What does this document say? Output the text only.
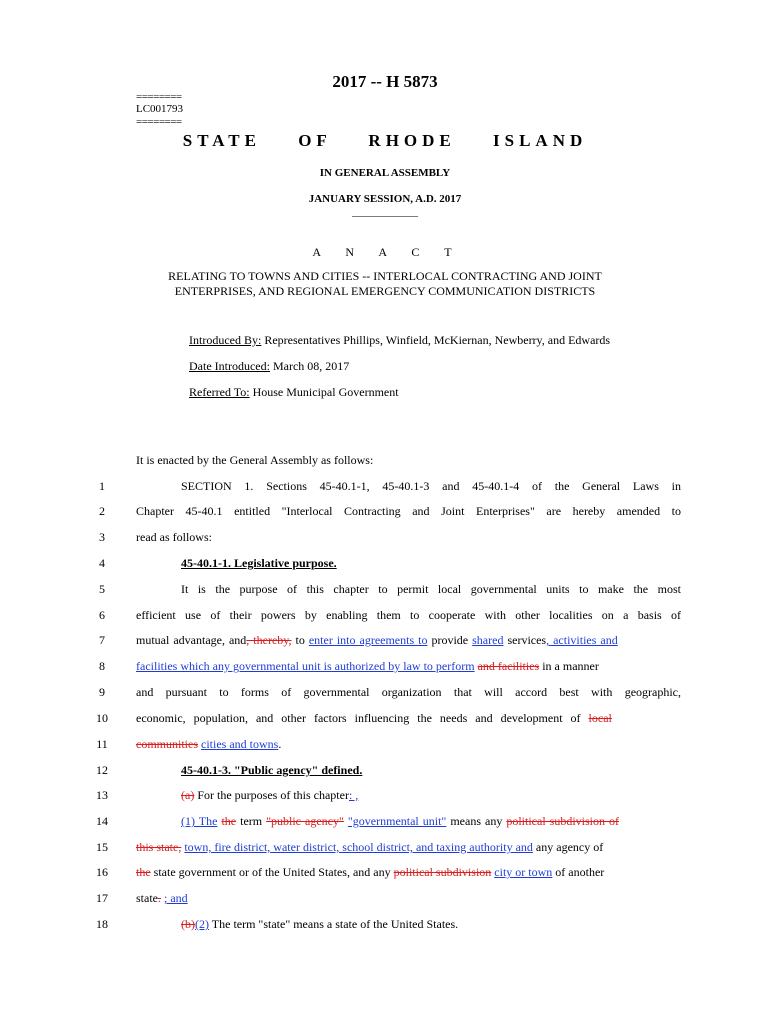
2017 -- H 5873
========
LC001793
========
STATE OF RHODE ISLAND
IN GENERAL ASSEMBLY
JANUARY SESSION, A.D. 2017
____________
A N A C T
RELATING TO TOWNS AND CITIES -- INTERLOCAL CONTRACTING AND JOINT
ENTERPRISES, AND REGIONAL EMERGENCY COMMUNICATION DISTRICTS
Introduced By: Representatives Phillips, Winfield, McKiernan, Newberry, and Edwards
Date Introduced: March 08, 2017
Referred To: House Municipal Government
It is enacted by the General Assembly as follows:
1	SECTION 1. Sections 45-40.1-1, 45-40.1-3 and 45-40.1-4 of the General Laws in
2	Chapter 45-40.1 entitled "Interlocal Contracting and Joint Enterprises" are hereby amended to
3	read as follows:
4	45-40.1-1. Legislative purpose.
5	It is the purpose of this chapter to permit local governmental units to make the most
6	efficient use of their powers by enabling them to cooperate with other localities on a basis of
7	mutual advantage, and, thereby, to enter into agreements to provide shared services, activities and
8	facilities which any governmental unit is authorized by law to perform and facilities in a manner
9	and pursuant to forms of governmental organization that will accord best with geographic,
10	economic, population, and other factors influencing the needs and development of local
11	communities cities and towns.
12	45-40.1-3. "Public agency" defined.
13	(a) For the purposes of this chapter: ,
14	(1) The the term "public agency" "governmental unit" means any political subdivision of
15	this state, town, fire district, water district, school district, and taxing authority and any agency of
16	the state government or of the United States, and any political subdivision city or town of another
17	state. ; and
18	(b)(2) The term "state" means a state of the United States.
